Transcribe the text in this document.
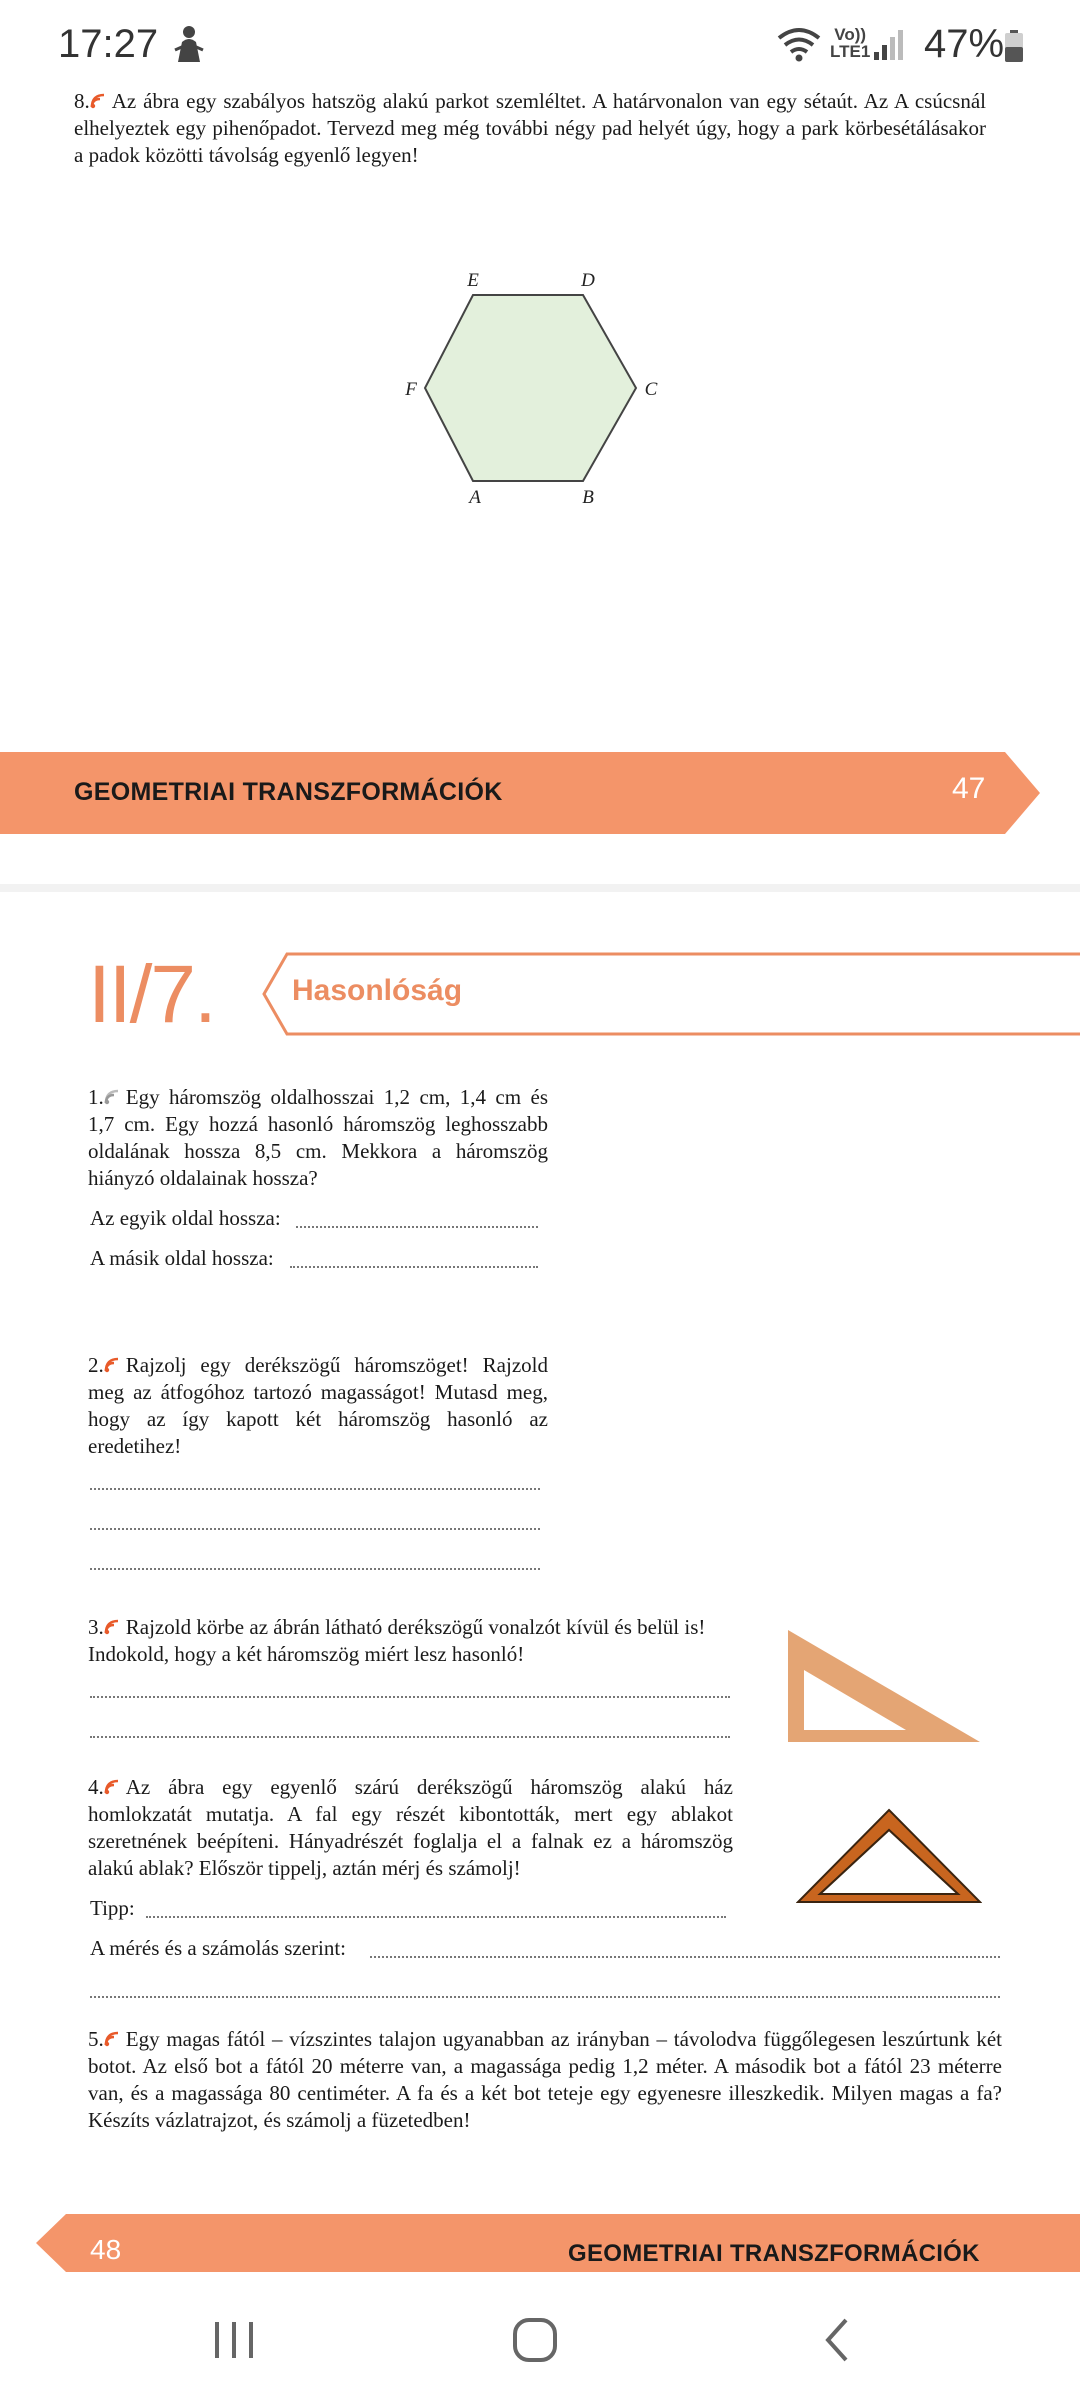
17:27	Vo))
LTE1 47%
8. Az ábra egy szabályos hatszög alakú parkot szemléltet. A határvonalon van egy sétaút. Az A csúcsnál elhelyeztek egy pihenőpadot. Tervezd meg még további négy pad helyét úgy, hogy a park körbesétálásakor a padok közötti távolság egyenlő legyen!
E	D
C
F
A	B
GEOMETRIAI TRANSZFORMÁCIÓK	47
II/7.	Hasonlóság
1. Egy háromszög oldalhosszai 1,2 cm, 1,4 cm és 1,7 cm. Egy hozzá hasonló háromszög leghosszabb oldalának hossza 8,5 cm. Mekkora a háromszög hiányzó oldalainak hossza?
Az egyik oldal hossza:
A másik oldal hossza:
2. Rajzolj egy derékszögű háromszöget! Rajzold meg az átfogóhoz tartozó magasságot! Mutasd meg, hogy az így kapott két háromszög hasonló az eredetihez!
3. Rajzold körbe az ábrán látható derékszögű vonalzót kívül és belül is! Indokold, hogy a két háromszög miért lesz hasonló!
4. Az ábra egy egyenlő szárú derékszögű háromszög alakú ház homlokzatát mutatja. A fal egy részét kibontották, mert egy ablakot szeretnének beépíteni. Hányadrészét foglalja el a falnak ez a háromszög alakú ablak? Először tippelj, aztán mérj és számolj!
Tipp:
A mérés és a számolás szerint:
5. Egy magas fától – vízszintes talajon ugyanabban az irányban – távolodva függőlegesen leszúrtunk két botot. Az első bot a fától 20 méterre van, a magassága pedig 1,2 méter. A második bot a fától 23 méterre van, és a magassága 80 centiméter. A fa és a két bot teteje egy egyenesre illeszkedik. Milyen magas a fa? Készíts vázlatrajzot, és számolj a füzetedben!
48	GEOMETRIAI TRANSZFORMÁCIÓK
